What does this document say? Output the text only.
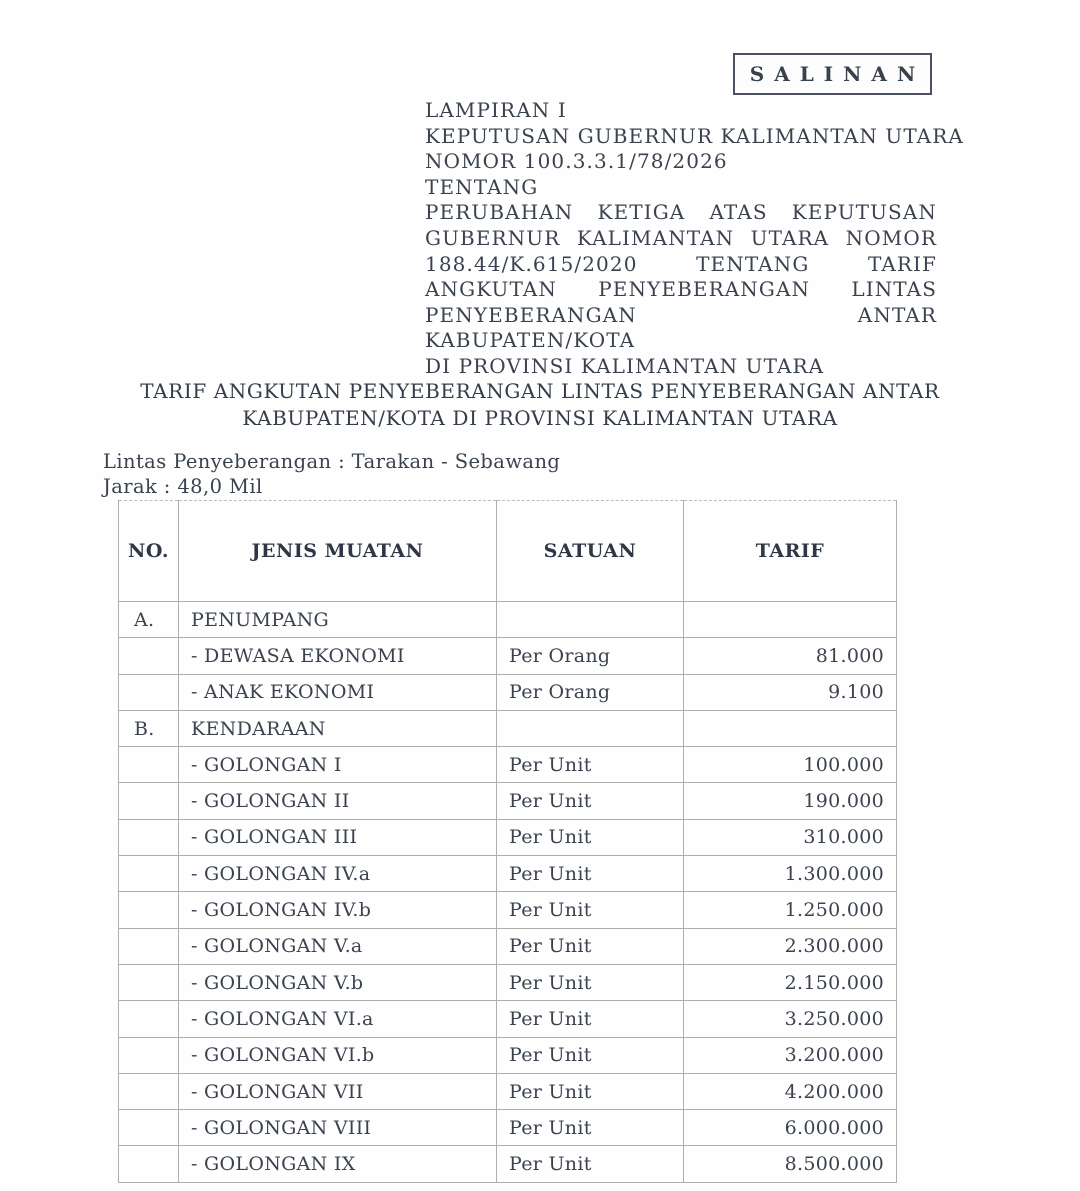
SALINAN
LAMPIRAN I
KEPUTUSAN GUBERNUR KALIMANTAN UTARA
NOMOR 100.3.3.1/78/2026
TENTANG
PERUBAHAN KETIGA ATAS KEPUTUSAN
GUBERNUR KALIMANTAN UTARA NOMOR
188.44/K.615/2020 TENTANG TARIF
ANGKUTAN PENYEBERANGAN LINTAS
PENYEBERANGAN ANTAR KABUPATEN/KOTA
DI PROVINSI KALIMANTAN UTARA
TARIF ANGKUTAN PENYEBERANGAN LINTAS PENYEBERANGAN ANTAR
KABUPATEN/KOTA DI PROVINSI KALIMANTAN UTARA
Lintas Penyeberangan : Tarakan - Sebawang
Jarak : 48,0 Mil
NO.	JENIS MUATAN	SATUAN	TARIF
A.	PENUMPANG		
	- DEWASA EKONOMI	Per Orang	81.000
	- ANAK EKONOMI	Per Orang	9.100
B.	KENDARAAN		
	- GOLONGAN I	Per Unit	100.000
	- GOLONGAN II	Per Unit	190.000
	- GOLONGAN III	Per Unit	310.000
	- GOLONGAN IV.a	Per Unit	1.300.000
	- GOLONGAN IV.b	Per Unit	1.250.000
	- GOLONGAN V.a	Per Unit	2.300.000
	- GOLONGAN V.b	Per Unit	2.150.000
	- GOLONGAN VI.a	Per Unit	3.250.000
	- GOLONGAN VI.b	Per Unit	3.200.000
	- GOLONGAN VII	Per Unit	4.200.000
	- GOLONGAN VIII	Per Unit	6.000.000
	- GOLONGAN IX	Per Unit	8.500.000
